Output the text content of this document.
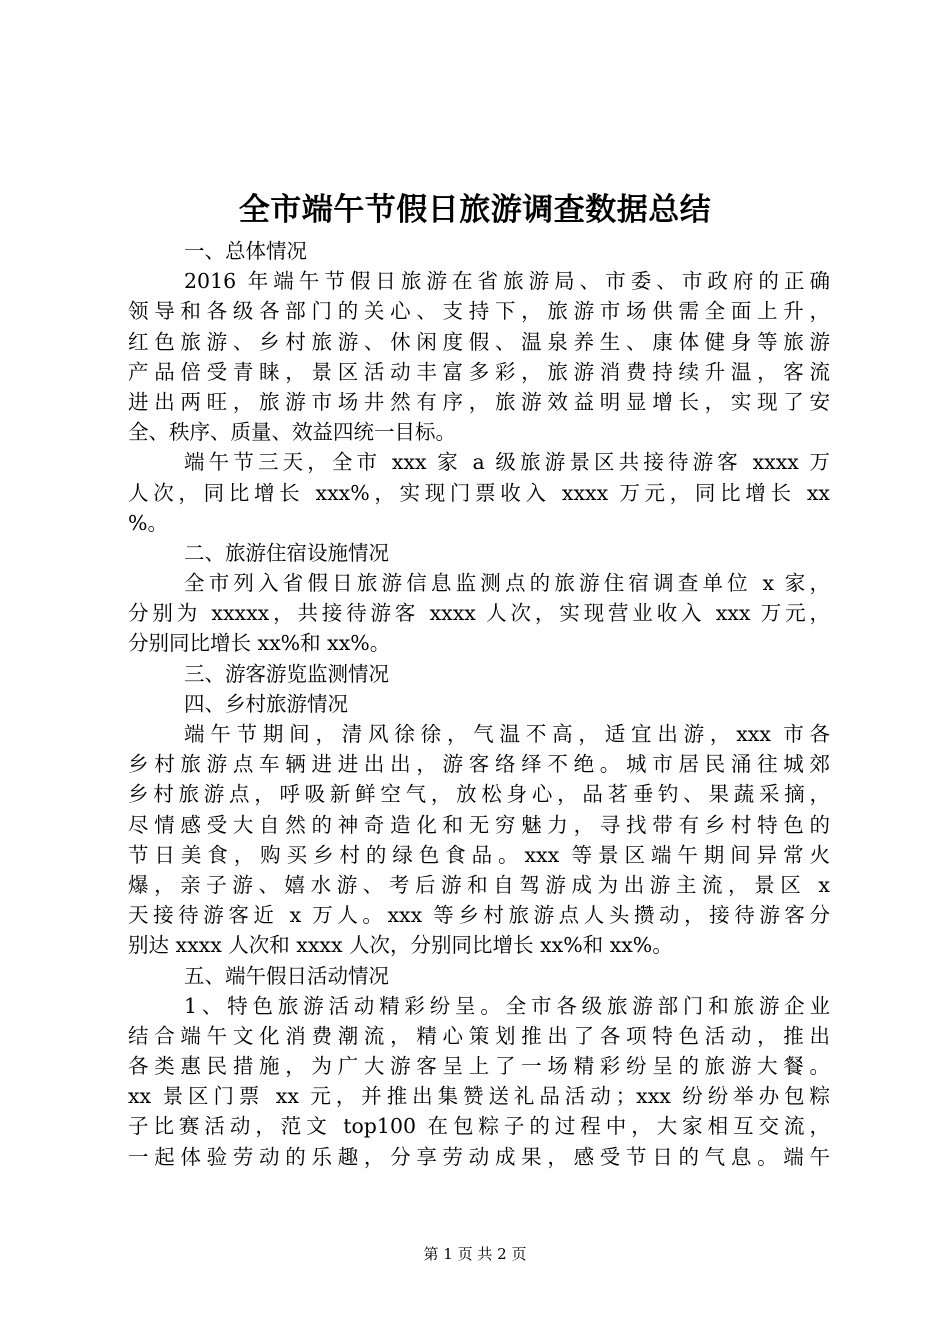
全市端午节假日旅游调查数据总结
一、总体情况
2016 年端午节假日旅游在省旅游局、市委、市政府的正确
领导和各级各部门的关心、支持下，旅游市场供需全面上升，
红色旅游、乡村旅游、休闲度假、温泉养生、康体健身等旅游
产品倍受青睐，景区活动丰富多彩，旅游消费持续升温，客流
进出两旺，旅游市场井然有序，旅游效益明显增长，实现了安
全、秩序、质量、效益四统一目标。
端午节三天，全市 xxx 家 a 级旅游景区共接待游客 xxxx 万
人次，同比增长 xxx%，实现门票收入 xxxx 万元，同比增长 xx
%。
二、旅游住宿设施情况
全市列入省假日旅游信息监测点的旅游住宿调查单位 x 家，
分别为 xxxxx，共接待游客 xxxx 人次，实现营业收入 xxx 万元，
分别同比增长 xx%和 xx%。
三、游客游览监测情况
四、乡村旅游情况
端午节期间，清风徐徐，气温不高，适宜出游，xxx 市各
乡村旅游点车辆进进出出，游客络绎不绝。城市居民涌往城郊
乡村旅游点，呼吸新鲜空气，放松身心，品茗垂钓、果蔬采摘，
尽情感受大自然的神奇造化和无穷魅力，寻找带有乡村特色的
节日美食，购买乡村的绿色食品。xxx 等景区端午期间异常火
爆，亲子游、嬉水游、考后游和自驾游成为出游主流，景区 x
天接待游客近 x 万人。xxx 等乡村旅游点人头攒动，接待游客分
别达 xxxx 人次和 xxxx 人次，分别同比增长 xx%和 xx%。
五、端午假日活动情况
1、特色旅游活动精彩纷呈。全市各级旅游部门和旅游企业
结合端午文化消费潮流，精心策划推出了各项特色活动，推出
各类惠民措施，为广大游客呈上了一场精彩纷呈的旅游大餐。
xx 景区门票 xx 元，并推出集赞送礼品活动；xxx 纷纷举办包粽
子比赛活动，范文 top100 在包粽子的过程中，大家相互交流，
一起体验劳动的乐趣，分享劳动成果，感受节日的气息。端午
第 1 页 共 2 页
